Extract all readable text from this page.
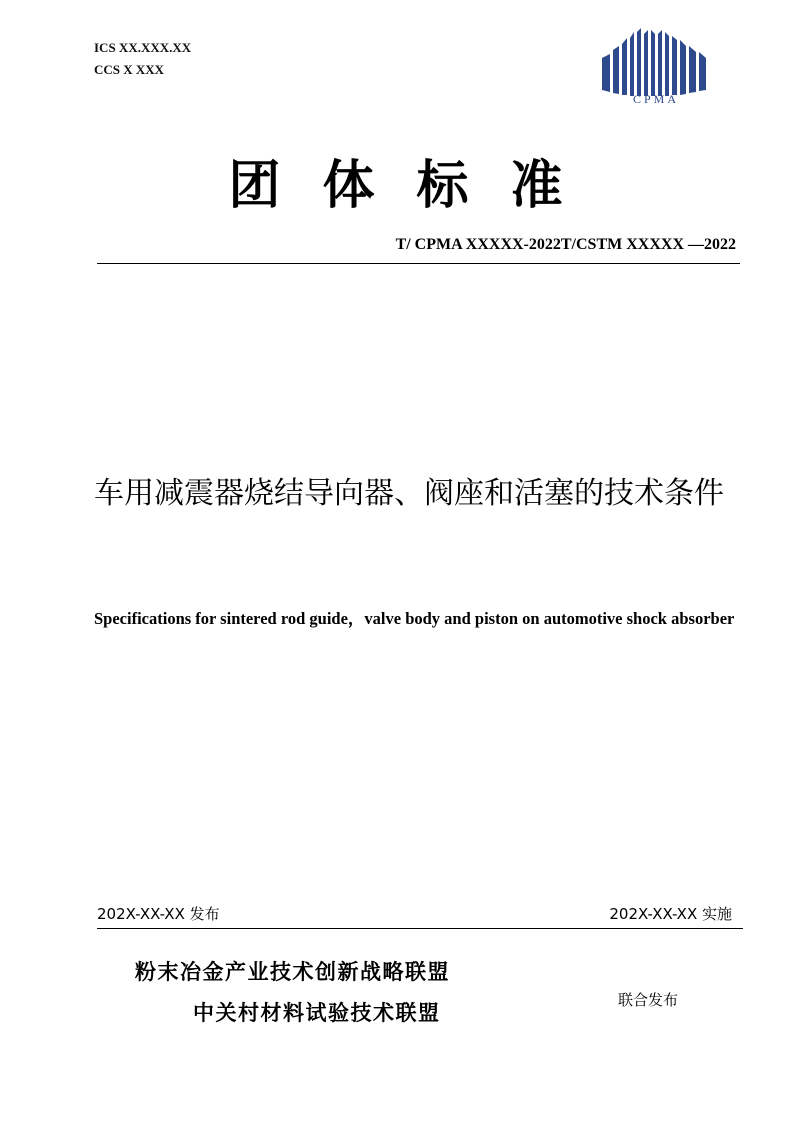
ICS XX.XXX.XX
CCS X XXX
CPMA
团体标准
T/ CPMA XXXXX-2022T/CSTM XXXXX —2022
车用减震器烧结导向器、阀座和活塞的技术条件
Specifications for sintered rod guide，valve body and piston on automotive shock absorber
202X-XX-XX 发布	202X-XX-XX 实施
粉末冶金产业技术创新战略联盟
中关村材料试验技术联盟
联合发布
